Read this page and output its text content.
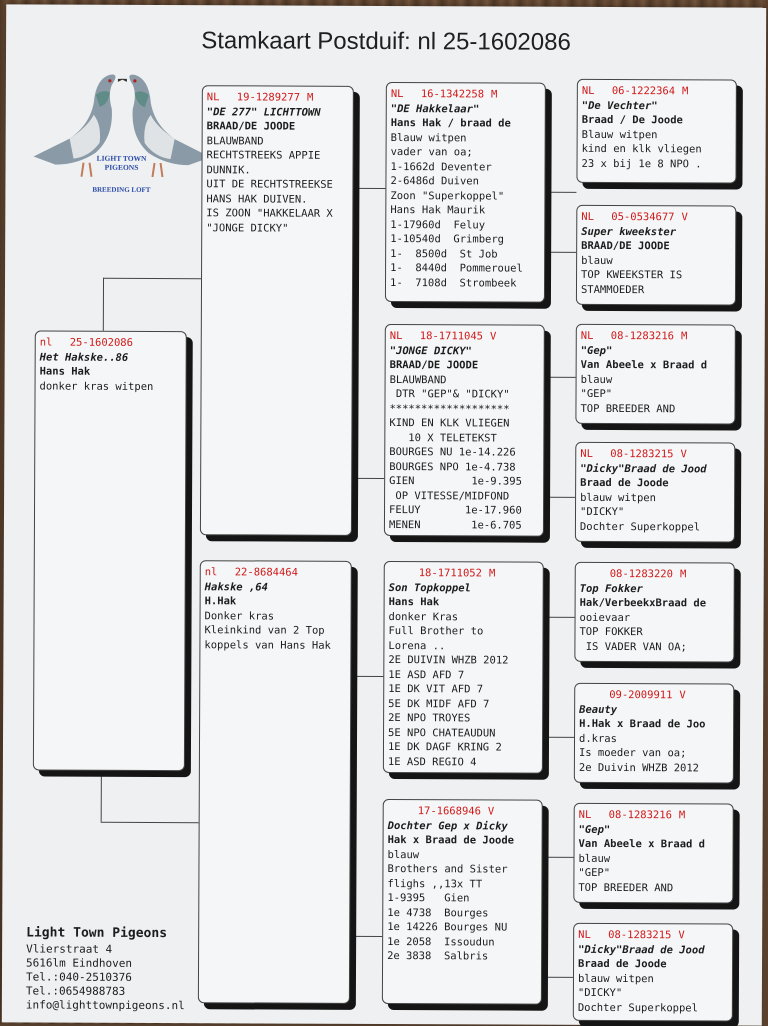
Stamkaart Postduif: nl 25-1602086
LIGHT TOWN
PIGEONS
BREEDING LOFT
nl	25-1602086
Het Hakske..86
Hans Hak
donker kras witpen
NL	19-1289277 M
"DE 277" LICHTTOWN
BRAAD/DE JOODE
BLAUWBAND
RECHTSTREEKS APPIE
DUNNIK.
UIT DE RECHTSTREEKSE
HANS HAK DUIVEN.
IS ZOON "HAKKELAAR X
"JONGE DICKY"
nl	22-8684464
Hakske ,64
H.Hak
Donker kras
Kleinkind van 2 Top
koppels van Hans Hak
NL	16-1342258 M
"DE Hakkelaar"
Hans Hak / braad de
Blauw witpen
vader van oa;
1-1662d Deventer
2-6486d Duiven
Zoon "Superkoppel"
Hans Hak Maurik
1-17960d  Feluy
1-10540d  Grimberg
1-  8500d  St Job
1-  8440d  Pommerouel
1-  7108d  Strombeek
NL	18-1711045 V
"JONGE DICKY"
BRAAD/DE JOODE
BLAUWBAND
DTR "GEP"& "DICKY"
*******************
KIND EN KLK VLIEGEN
10 X TELETEKST
BOURGES NU 1e-14.226
BOURGES NPO 1e-4.738
GIEN         1e-9.395
OP VITESSE/MIDFOND
FELUY       1e-17.960
MENEN        1e-6.705
18-1711052 M
Son Topkoppel
Hans Hak
donker Kras
Full Brother to
Lorena ..
2E DUIVIN WHZB 2012
1E ASD AFD 7
1E DK VIT AFD 7
5E DK MIDF AFD 7
2E NPO TROYES
5E NPO CHATEAUDUN
1E DK DAGF KRING 2
1E ASD REGIO 4
17-1668946 V
Dochter Gep x Dicky
Hak x Braad de Joode
blauw
Brothers and Sister
flighs ,,13x TT
1-9395   Gien
1e 4738  Bourges
1e 14226 Bourges NU
1e 2058  Issoudun
2e 3838  Salbris
NL	06-1222364 M
"De Vechter"
Braad / De Joode
Blauw witpen
kind en klk vliegen
23 x bij 1e 8 NPO .
NL	05-0534677 V
Super kweekster
BRAAD/DE JOODE
blauw
TOP KWEEKSTER IS
STAMMOEDER
NL	08-1283216 M
"Gep"
Van Abeele x Braad d
blauw
"GEP"
TOP BREEDER AND
NL	08-1283215 V
"Dicky"Braad de Jood
Braad de Joode
blauw witpen
"DICKY"
Dochter Superkoppel
08-1283220 M
Top Fokker
Hak/VerbeekxBraad de
ooievaar
TOP FOKKER
IS VADER VAN OA;
09-2009911 V
Beauty
H.Hak x Braad de Joo
d.kras
Is moeder van oa;
2e Duivin WHZB 2012
NL	08-1283216 M
"Gep"
Van Abeele x Braad d
blauw
"GEP"
TOP BREEDER AND
NL	08-1283215 V
"Dicky"Braad de Jood
Braad de Joode
blauw witpen
"DICKY"
Dochter Superkoppel
Light Town Pigeons
Vlierstraat 4
5616lm Eindhoven
Tel.:040-2510376
Tel.:0654988783
info@lighttownpigeons.nl
